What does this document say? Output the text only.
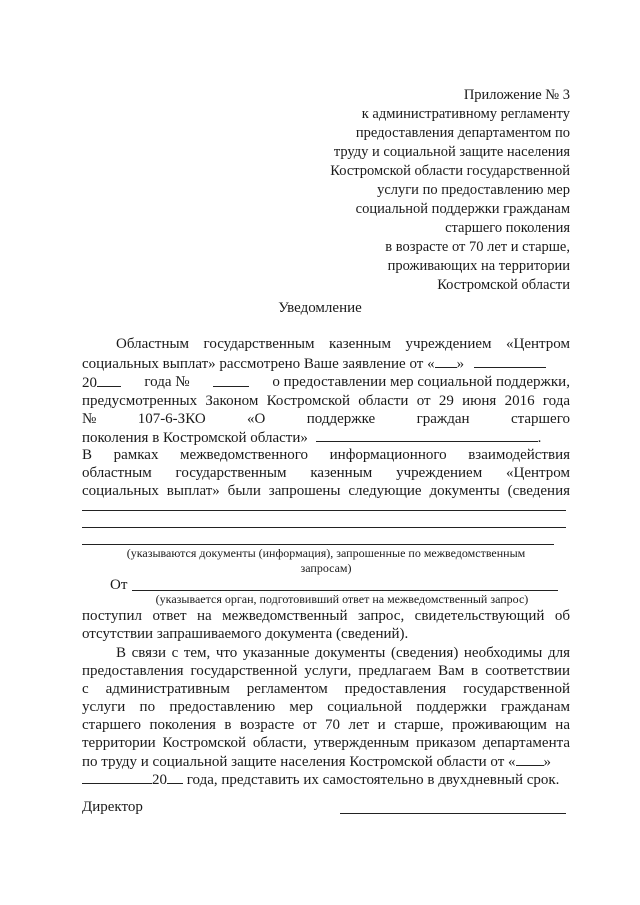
Приложение № 3
к административному регламенту
предоставления департаментом по
труду и социальной защите населения
Костромской области государственной
услуги по предоставлению мер
социальной поддержки гражданам
старшего поколения
в возрасте от 70 лет и старше,
проживающих на территории
Костромской области
Уведомление
Областным государственным казенным учреждением «Центром
социальных выплат» рассмотрено Ваше заявление от « »
20	года №	о предоставлении мер социальной поддержки,
предусмотренных Законом Костромской области от 29 июня 2016 года
№	107-6-ЗКО	«О	поддержке	граждан	старшего
поколения в Костромской области»	.
В рамках межведомственного информационного взаимодействия
областным государственным казенным учреждением «Центром
социальных выплат» были запрошены следующие документы (сведения
(указываются документы (информация), запрошенные по межведомственным
запросам)
От
(указывается орган, подготовивший ответ на межведомственный запрос)
поступил ответ на межведомственный запрос, свидетельствующий об
отсутствии запрашиваемого документа (сведений).
В связи с тем, что указанные документы (сведения) необходимы для
предоставления государственной услуги, предлагаем Вам в соответствии
с административным регламентом предоставления государственной
услуги по предоставлению мер социальной поддержки гражданам
старшего поколения в возрасте от 70 лет и старше, проживающим на
территории Костромской области, утвержденным приказом департамента
по труду и социальной защите населения Костромской области от « »
20 года, представить их самостоятельно в двухдневный срок.
Директор
